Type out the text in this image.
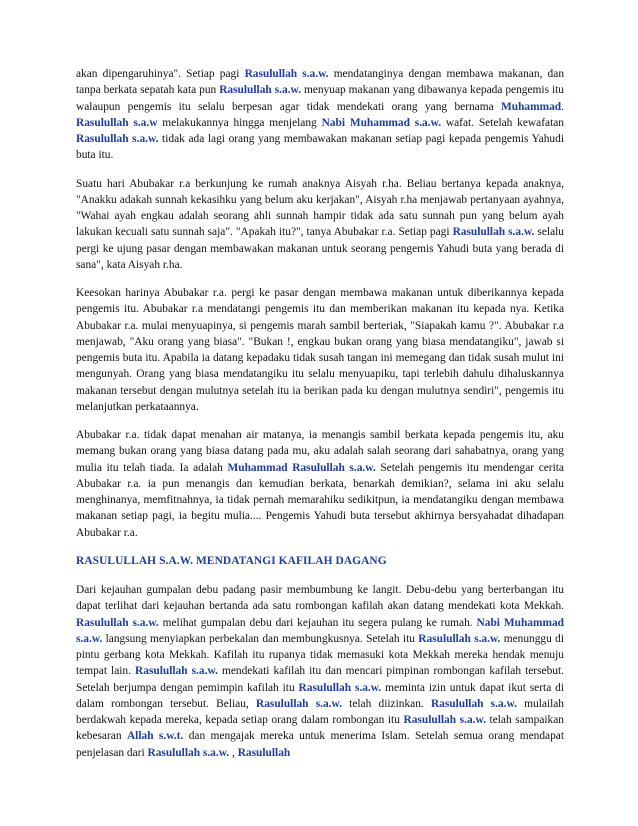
akan dipengaruhinya". Setiap pagi Rasulullah s.a.w. mendatanginya dengan membawa makanan, dan tanpa berkata sepatah kata pun Rasulullah s.a.w. menyuap makanan yang dibawanya kepada pengemis itu walaupun pengemis itu selalu berpesan agar tidak mendekati orang yang bernama Muhammad. Rasulullah s.a.w melakukannya hingga menjelang Nabi Muhammad s.a.w. wafat. Setelah kewafatan Rasulullah s.a.w. tidak ada lagi orang yang membawakan makanan setiap pagi kepada pengemis Yahudi buta itu.

Suatu hari Abubakar r.a berkunjung ke rumah anaknya Aisyah r.ha. Beliau bertanya kepada anaknya, "Anakku adakah sunnah kekasihku yang belum aku kerjakan", Aisyah r.ha menjawab pertanyaan ayahnya, "Wahai ayah engkau adalah seorang ahli sunnah hampir tidak ada satu sunnah pun yang belum ayah lakukan kecuali satu sunnah saja". "Apakah itu?", tanya Abubakar r.a. Setiap pagi Rasulullah s.a.w. selalu pergi ke ujung pasar dengan membawakan makanan untuk seorang pengemis Yahudi buta yang berada di sana", kata Aisyah r.ha.

Keesokan harinya Abubakar r.a. pergi ke pasar dengan membawa makanan untuk diberikannya kepada pengemis itu. Abubakar r.a mendatangi pengemis itu dan memberikan makanan itu kepada nya. Ketika Abubakar r.a. mulai menyuapinya, si pengemis marah sambil berteriak, "Siapakah kamu ?". Abubakar r.a menjawab, "Aku orang yang biasa". "Bukan !, engkau bukan orang yang biasa mendatangiku", jawab si pengemis buta itu. Apabila ia datang kepadaku tidak susah tangan ini memegang dan tidak susah mulut ini mengunyah. Orang yang biasa mendatangiku itu selalu menyuapiku, tapi terlebih dahulu dihaluskannya makanan tersebut dengan mulutnya setelah itu ia berikan pada ku dengan mulutnya sendiri", pengemis itu melanjutkan perkataannya.

Abubakar r.a. tidak dapat menahan air matanya, ia menangis sambil berkata kepada pengemis itu, aku memang bukan orang yang biasa datang pada mu, aku adalah salah seorang dari sahabatnya, orang yang mulia itu telah tiada. Ia adalah Muhammad Rasulullah s.a.w. Setelah pengemis itu mendengar cerita Abubakar r.a. ia pun menangis dan kemudian berkata, benarkah demikian?, selama ini aku selalu menghinanya, memfitnahnya, ia tidak pernah memarahiku sedikitpun, ia mendatangiku dengan membawa makanan setiap pagi, ia begitu mulia.... Pengemis Yahudi buta tersebut akhirnya bersyahadat dihadapan Abubakar r.a.

RASULULLAH S.A.W. MENDATANGI KAFILAH DAGANG

Dari kejauhan gumpalan debu padang pasir membumbung ke langit. Debu-debu yang berterbangan itu dapat terlihat dari kejauhan bertanda ada satu rombongan kafilah akan datang mendekati kota Mekkah. Rasulullah s.a.w. melihat gumpalan debu dari kejauhan itu segera pulang ke rumah. Nabi Muhammad s.a.w. langsung menyiapkan perbekalan dan membungkusnya. Setelah itu Rasulullah s.a.w. menunggu di pintu gerbang kota Mekkah. Kafilah itu rupanya tidak memasuki kota Mekkah mereka hendak menuju tempat lain. Rasulullah s.a.w. mendekati kafilah itu dan mencari pimpinan rombongan kafilah tersebut. Setelah berjumpa dengan pemimpin kafilah itu Rasulullah s.a.w. meminta izin untuk dapat ikut serta di dalam rombongan tersebut. Beliau, Rasulullah s.a.w. telah diizinkan. Rasulullah s.a.w. mulailah berdakwah kepada mereka, kepada setiap orang dalam rombongan itu Rasulullah s.a.w. telah sampaikan kebesaran Allah s.w.t. dan mengajak mereka untuk menerima Islam. Setelah semua orang mendapat penjelasan dari Rasulullah s.a.w. , Rasulullah
